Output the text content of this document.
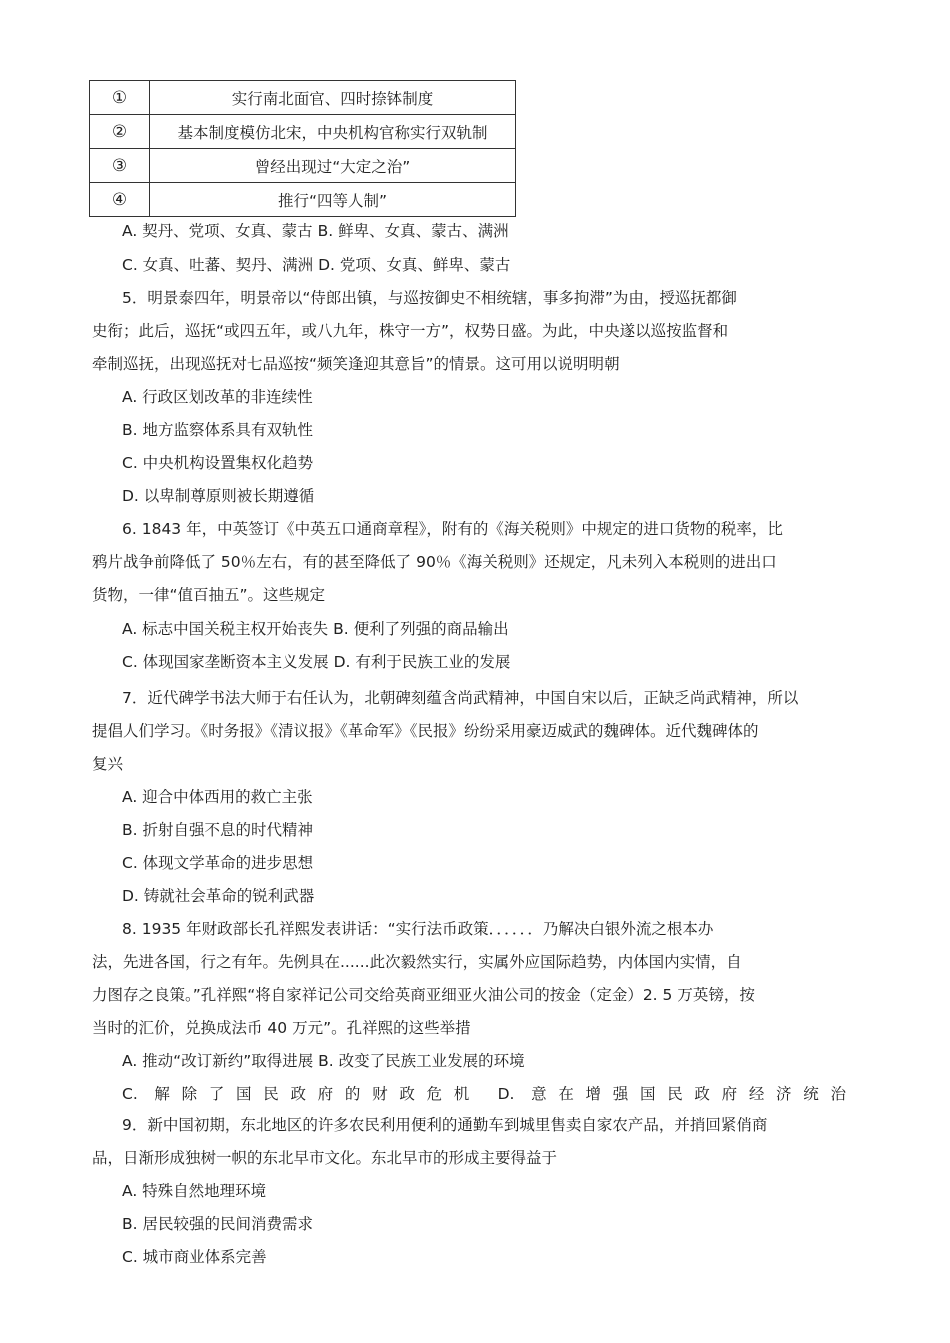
①	实行南北面官、四时捺钵制度
②	基本制度模仿北宋，中央机构官称实行双轨制
③	曾经出现过“大定之治”
④	推行“四等人制”
A. 契丹、党项、女真、蒙古 B. 鲜卑、女真、蒙古、满洲
C. 女真、吐蕃、契丹、满洲 D. 党项、女真、鲜卑、蒙古
5．明景泰四年，明景帝以“侍郎出镇，与巡按御史不相统辖，事多拘滞”为由，授巡抚都御
史衔；此后，巡抚“或四五年，或八九年，株守一方”，权势日盛。为此，中央遂以巡按监督和
牵制巡抚，出现巡抚对七品巡按“频笑逢迎其意旨”的情景。这可用以说明明朝
A. 行政区划改革的非连续性
B. 地方监察体系具有双轨性
C. 中央机构设置集权化趋势
D. 以卑制尊原则被长期遵循
6. 1843 年，中英签订《中英五口通商章程》，附有的《海关税则》中规定的进口货物的税率，比
鸦片战争前降低了 50％左右，有的甚至降低了 90％《海关税则》还规定，凡未列入本税则的进出口
货物，一律“值百抽五”。这些规定
A. 标志中国关税主权开始丧失 B. 便利了列强的商品输出
C. 体现国家垄断资本主义发展 D. 有利于民族工业的发展
7．近代碑学书法大师于右任认为，北朝碑刻蕴含尚武精神，中国自宋以后，正缺乏尚武精神，所以
提倡人们学习。《时务报》《清议报》《革命军》《民报》纷纷采用豪迈威武的魏碑体。近代魏碑体的
复兴
A. 迎合中体西用的救亡主张
B. 折射自强不息的时代精神
C. 体现文学革命的进步思想
D. 铸就社会革命的锐利武器
8. 1935 年财政部长孔祥熙发表讲话：“实行法币政策．．．．．．乃解决白银外流之根本办
法，先进各国，行之有年。先例具在......此次毅然实行，实属外应国际趋势，内体国内实情，自
力图存之良策。”孔祥熙“将自家祥记公司交给英商亚细亚火油公司的按金（定金）2. 5 万英镑，按
当时的汇价，兑换成法币 40 万元”。孔祥熙的这些举措
A. 推动“改订新约”取得进展 B. 改变了民族工业发展的环境
C. 解除了国民政府的财政危机 D. 意在增强国民政府经济统治
9．新中国初期，东北地区的许多农民利用便利的通勤车到城里售卖自家农产品，并捎回紧俏商
品，日渐形成独树一帜的东北早市文化。东北早市的形成主要得益于
A. 特殊自然地理环境
B. 居民较强的民间消费需求
C. 城市商业体系完善
